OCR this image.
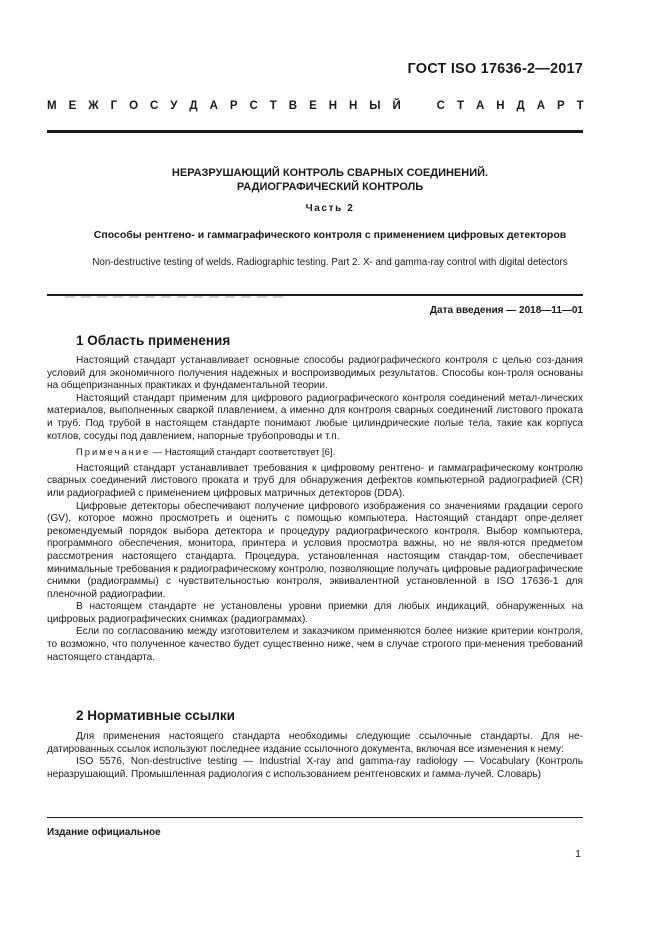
ГОСТ ISO 17636-2—2017
М Е Ж Г О С У Д А Р С Т В Е Н Н Ы Й	С Т А Н Д А Р Т
НЕРАЗРУШАЮЩИЙ КОНТРОЛЬ СВАРНЫХ СОЕДИНЕНИЙ.
РАДИОГРАФИЧЕСКИЙ КОНТРОЛЬ
Часть 2
Способы рентгено- и гаммаграфического контроля с применением цифровых детекторов
Non-destructive testing of welds. Radiographic testing. Part 2. X- and gamma-ray control with digital detectors
Дата введения — 2018—11—01
1 Область применения

Настоящий стандарт устанавливает основные способы радиографического контроля с целью соз-дания условий для экономичного получения надежных и воспроизводимых результатов. Способы кон-троля основаны на общепризнанных практиках и фундаментальной теории.

Настоящий стандарт применим для цифрового радиографического контроля соединений метал-лических материалов, выполненных сваркой плавлением, а именно для контроля сварных соединений листового проката и труб. Под трубой в настоящем стандарте понимают любые цилиндрические полые тела, такие как корпуса котлов, сосуды под давлением, напорные трубопроводы и т.п.

Примечание — Настоящий стандарт соответствует [6].

Настоящий стандарт устанавливает требования к цифровому рентгено- и гаммаграфическому контролю сварных соединений листового проката и труб для обнаружения дефектов компьютерной радиографией (CR) или радиографией с применением цифровых матричных детекторов (DDA).

Цифровые детекторы обеспечивают получение цифрового изображения со значениями градации серого (GV), которое можно просмотреть и оценить с помощью компьютера. Настоящий стандарт опре-деляет рекомендуемый порядок выбора детектора и процедуру радиографического контроля. Выбор компьютера, программного обеспечения, монитора, принтера и условия просмотра важны, но не явля-ются предметом рассмотрения настоящего стандарта. Процедура, установленная настоящим стандар-том, обеспечивает минимальные требования к радиографическому контролю, позволяющие получать цифровые радиографические снимки (радиограммы) с чувствительностью контроля, эквивалентной установленной в ISO 17636-1 для пленочной радиографии.

В настоящем стандарте не установлены уровни приемки для любых индикаций, обнаруженных на цифровых радиографических снимках (радиограммах).

Если по согласованию между изготовителем и заказчиком применяются более низкие критерии контроля, то возможно, что полученное качество будет существенно ниже, чем в случае строгого при-менения требований настоящего стандарта.

2 Нормативные ссылки

Для применения настоящего стандарта необходимы следующие ссылочные стандарты. Для не-датированных ссылок используют последнее издание ссылочного документа, включая все изменения к нему:

ISO 5576, Non-destructive testing — Industrial X-ray and gamma-ray radiology — Vocabulary (Контроль неразрушающий. Промышленная радиология с использованием рентгеновских и гамма-лучей. Словарь)

Издание официальное
1
